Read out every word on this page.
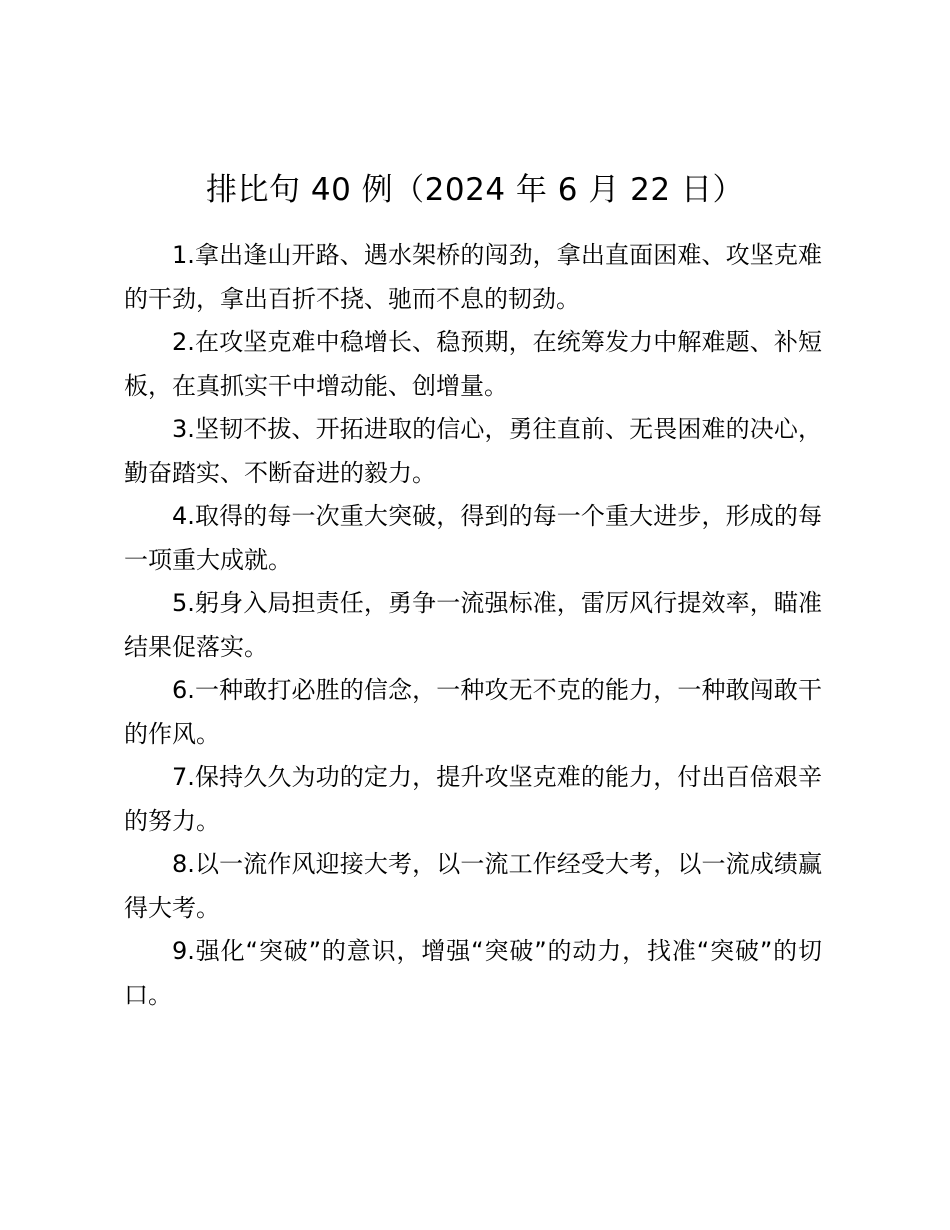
排比句 40 例（2024 年 6 月 22 日）

1.拿出逢山开路、遇水架桥的闯劲，拿出直面困难、攻坚克难的干劲，拿出百折不挠、驰而不息的韧劲。

2.在攻坚克难中稳增长、稳预期，在统筹发力中解难题、补短板，在真抓实干中增动能、创增量。

3.坚韧不拔、开拓进取的信心，勇往直前、无畏困难的决心，勤奋踏实、不断奋进的毅力。

4.取得的每一次重大突破，得到的每一个重大进步，形成的每一项重大成就。

5.躬身入局担责任，勇争一流强标准，雷厉风行提效率，瞄准结果促落实。

6.一种敢打必胜的信念，一种攻无不克的能力，一种敢闯敢干的作风。

7.保持久久为功的定力，提升攻坚克难的能力，付出百倍艰辛的努力。

8.以一流作风迎接大考，以一流工作经受大考，以一流成绩赢得大考。

9.强化“突破”的意识，增强“突破”的动力，找准“突破”的切口。
